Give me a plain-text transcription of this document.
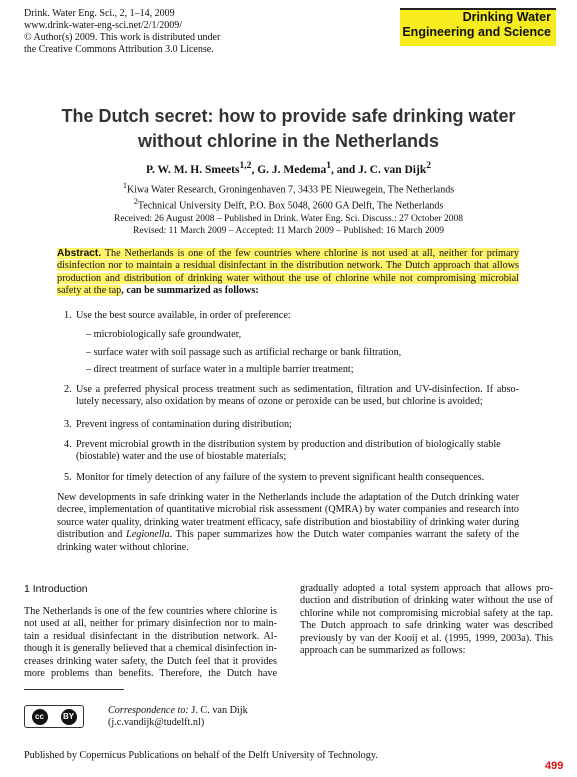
Drink. Water Eng. Sci., 2, 1–14, 2009
www.drink-water-eng-sci.net/2/1/2009/
© Author(s) 2009. This work is distributed under
the Creative Commons Attribution 3.0 License.
Drinking Water
Engineering and Science
The Dutch secret: how to provide safe drinking water
without chlorine in the Netherlands
P. W. M. H. Smeets$^{1,2}$, G. J. Medema$^1$, and J. C. van Dijk$^2$
$^1$Kiwa Water Research, Groningenhaven 7, 3433 PE Nieuwegein, The Netherlands
$^2$Technical University Delft, P.O. Box 5048, 2600 GA Delft, The Netherlands
Received: 26 August 2008 – Published in Drink. Water Eng. Sci. Discuss.: 27 October 2008
Revised: 11 March 2009 – Accepted: 11 March 2009 – Published: 16 March 2009
Abstract. The Netherlands is one of the few countries where chlorine is not used at all, neither for primary disinfection nor to maintain a residual disinfectant in the distribution network. The Dutch approach that allows production and distribution of drinking water without the use of chlorine while not compromising microbial safety at the tap, can be summarized as follows:
1. Use the best source available, in order of preference:
– microbiologically safe groundwater,
– surface water with soil passage such as artificial recharge or bank filtration,
– direct treatment of surface water in a multiple barrier treatment;
2. Use a preferred physical process treatment such as sedimentation, filtration and UV-disinfection. If abso-lutely necessary, also oxidation by means of ozone or peroxide can be used, but chlorine is avoided;
3. Prevent ingress of contamination during distribution;
4. Prevent microbial growth in the distribution system by production and distribution of biologically stable (biostable) water and the use of biostable materials;
5. Monitor for timely detection of any failure of the system to prevent significant health consequences.
New developments in safe drinking water in the Netherlands include the adaptation of the Dutch drinking water decree, implementation of quantitative microbial risk assessment (QMRA) by water companies and research into source water quality, drinking water treatment efficacy, safe distribution and biostability of drinking water during distribution and Legionella. This paper summarizes how the Dutch water companies warrant the safety of the drinking water without chlorine.
1 Introduction
The Netherlands is one of the few countries where chlorine is
not used at all, neither for primary disinfection nor to main-
tain a residual disinfectant in the distribution network. Al-
though it is generally believed that a chemical disinfection in-
creases drinking water safety, the Dutch feel that it provides
more problems than benefits. Therefore, the Dutch have
gradually adopted a total system approach that allows pro-
duction and distribution of drinking water without the use of
chlorine while not compromising microbial safety at the tap.
The Dutch approach to safe drinking water was described
previously by van der Kooij et al. (1995, 1999, 2003a). This
approach can be summarized as follows:
cc	BY	Correspondence to: J. C. van Dijk
(j.c.vandijk@tudelft.nl)
Published by Copernicus Publications on behalf of the Delft University of Technology.
499
